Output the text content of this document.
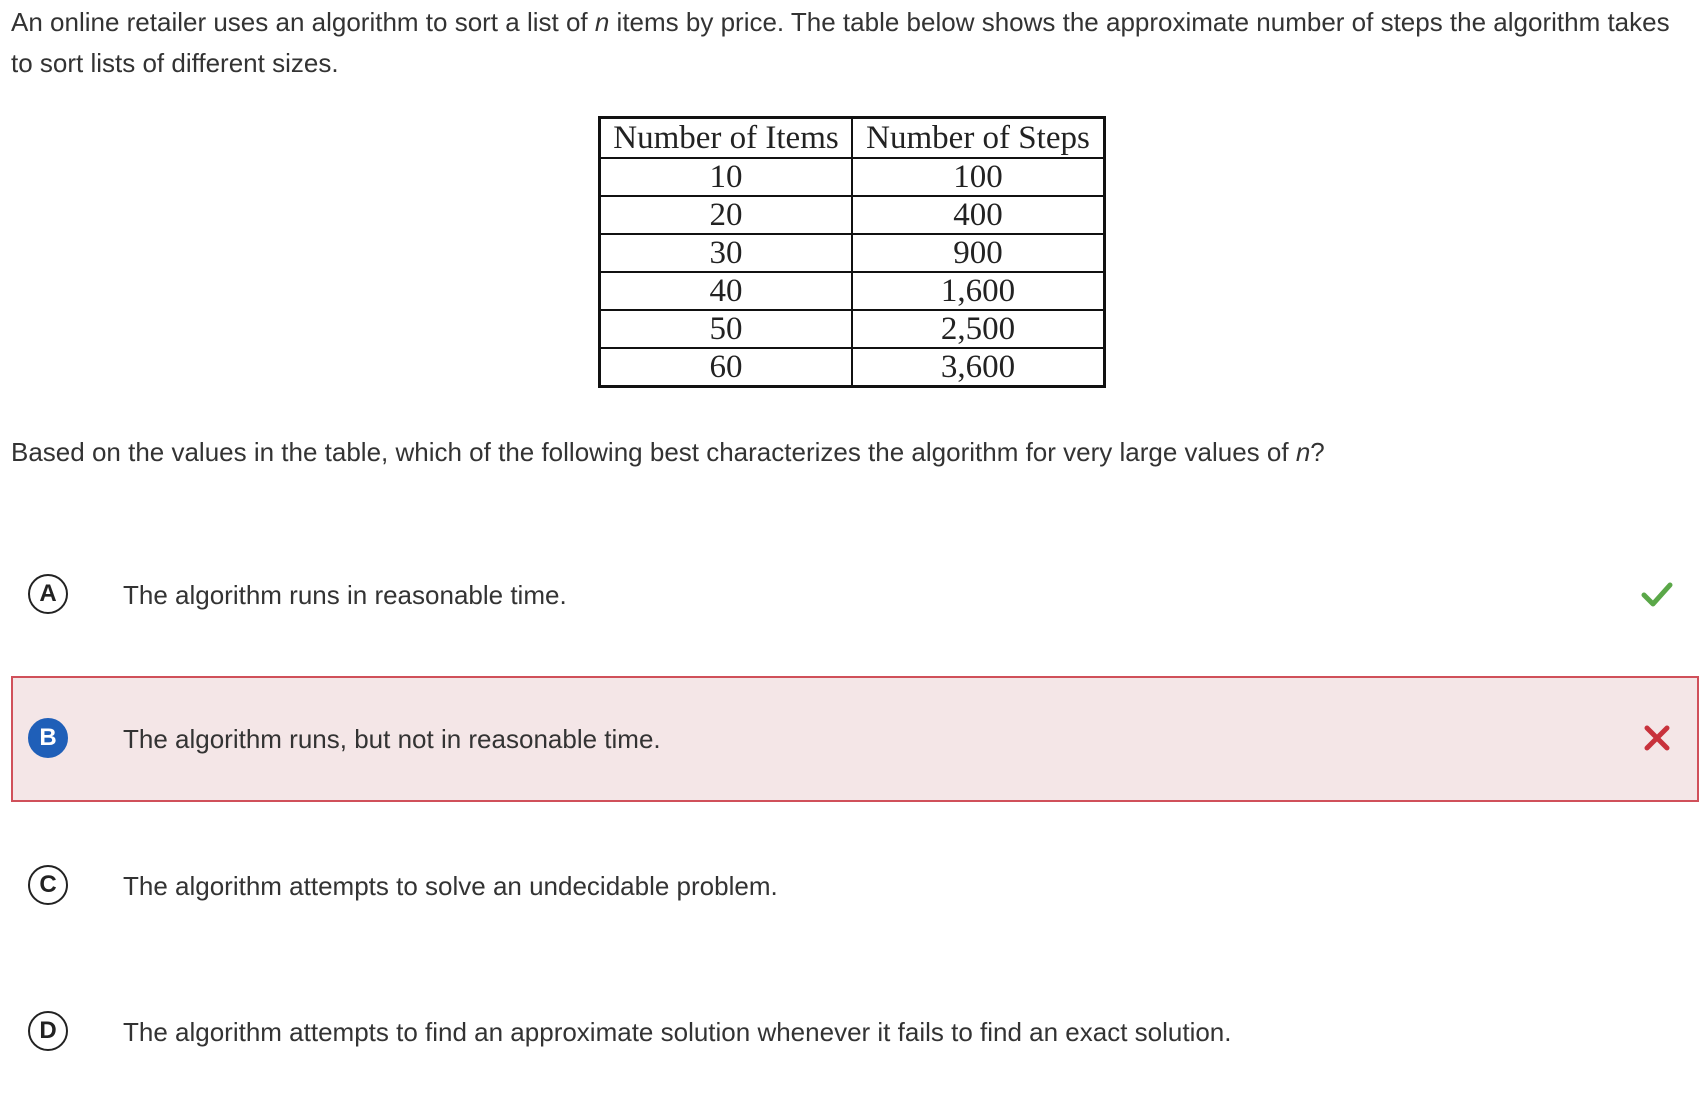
An online retailer uses an algorithm to sort a list of n items by price. The table below shows the approximate number of steps the algorithm takes to sort lists of different sizes.
Number of Items	Number of Steps
10	100
20	400
30	900
40	1,600
50	2,500
60	3,600
Based on the values in the table, which of the following best characterizes the algorithm for very large values of n?
A	The algorithm runs in reasonable time.
B	The algorithm runs, but not in reasonable time.
C	The algorithm attempts to solve an undecidable problem.
D	The algorithm attempts to find an approximate solution whenever it fails to find an exact solution.
